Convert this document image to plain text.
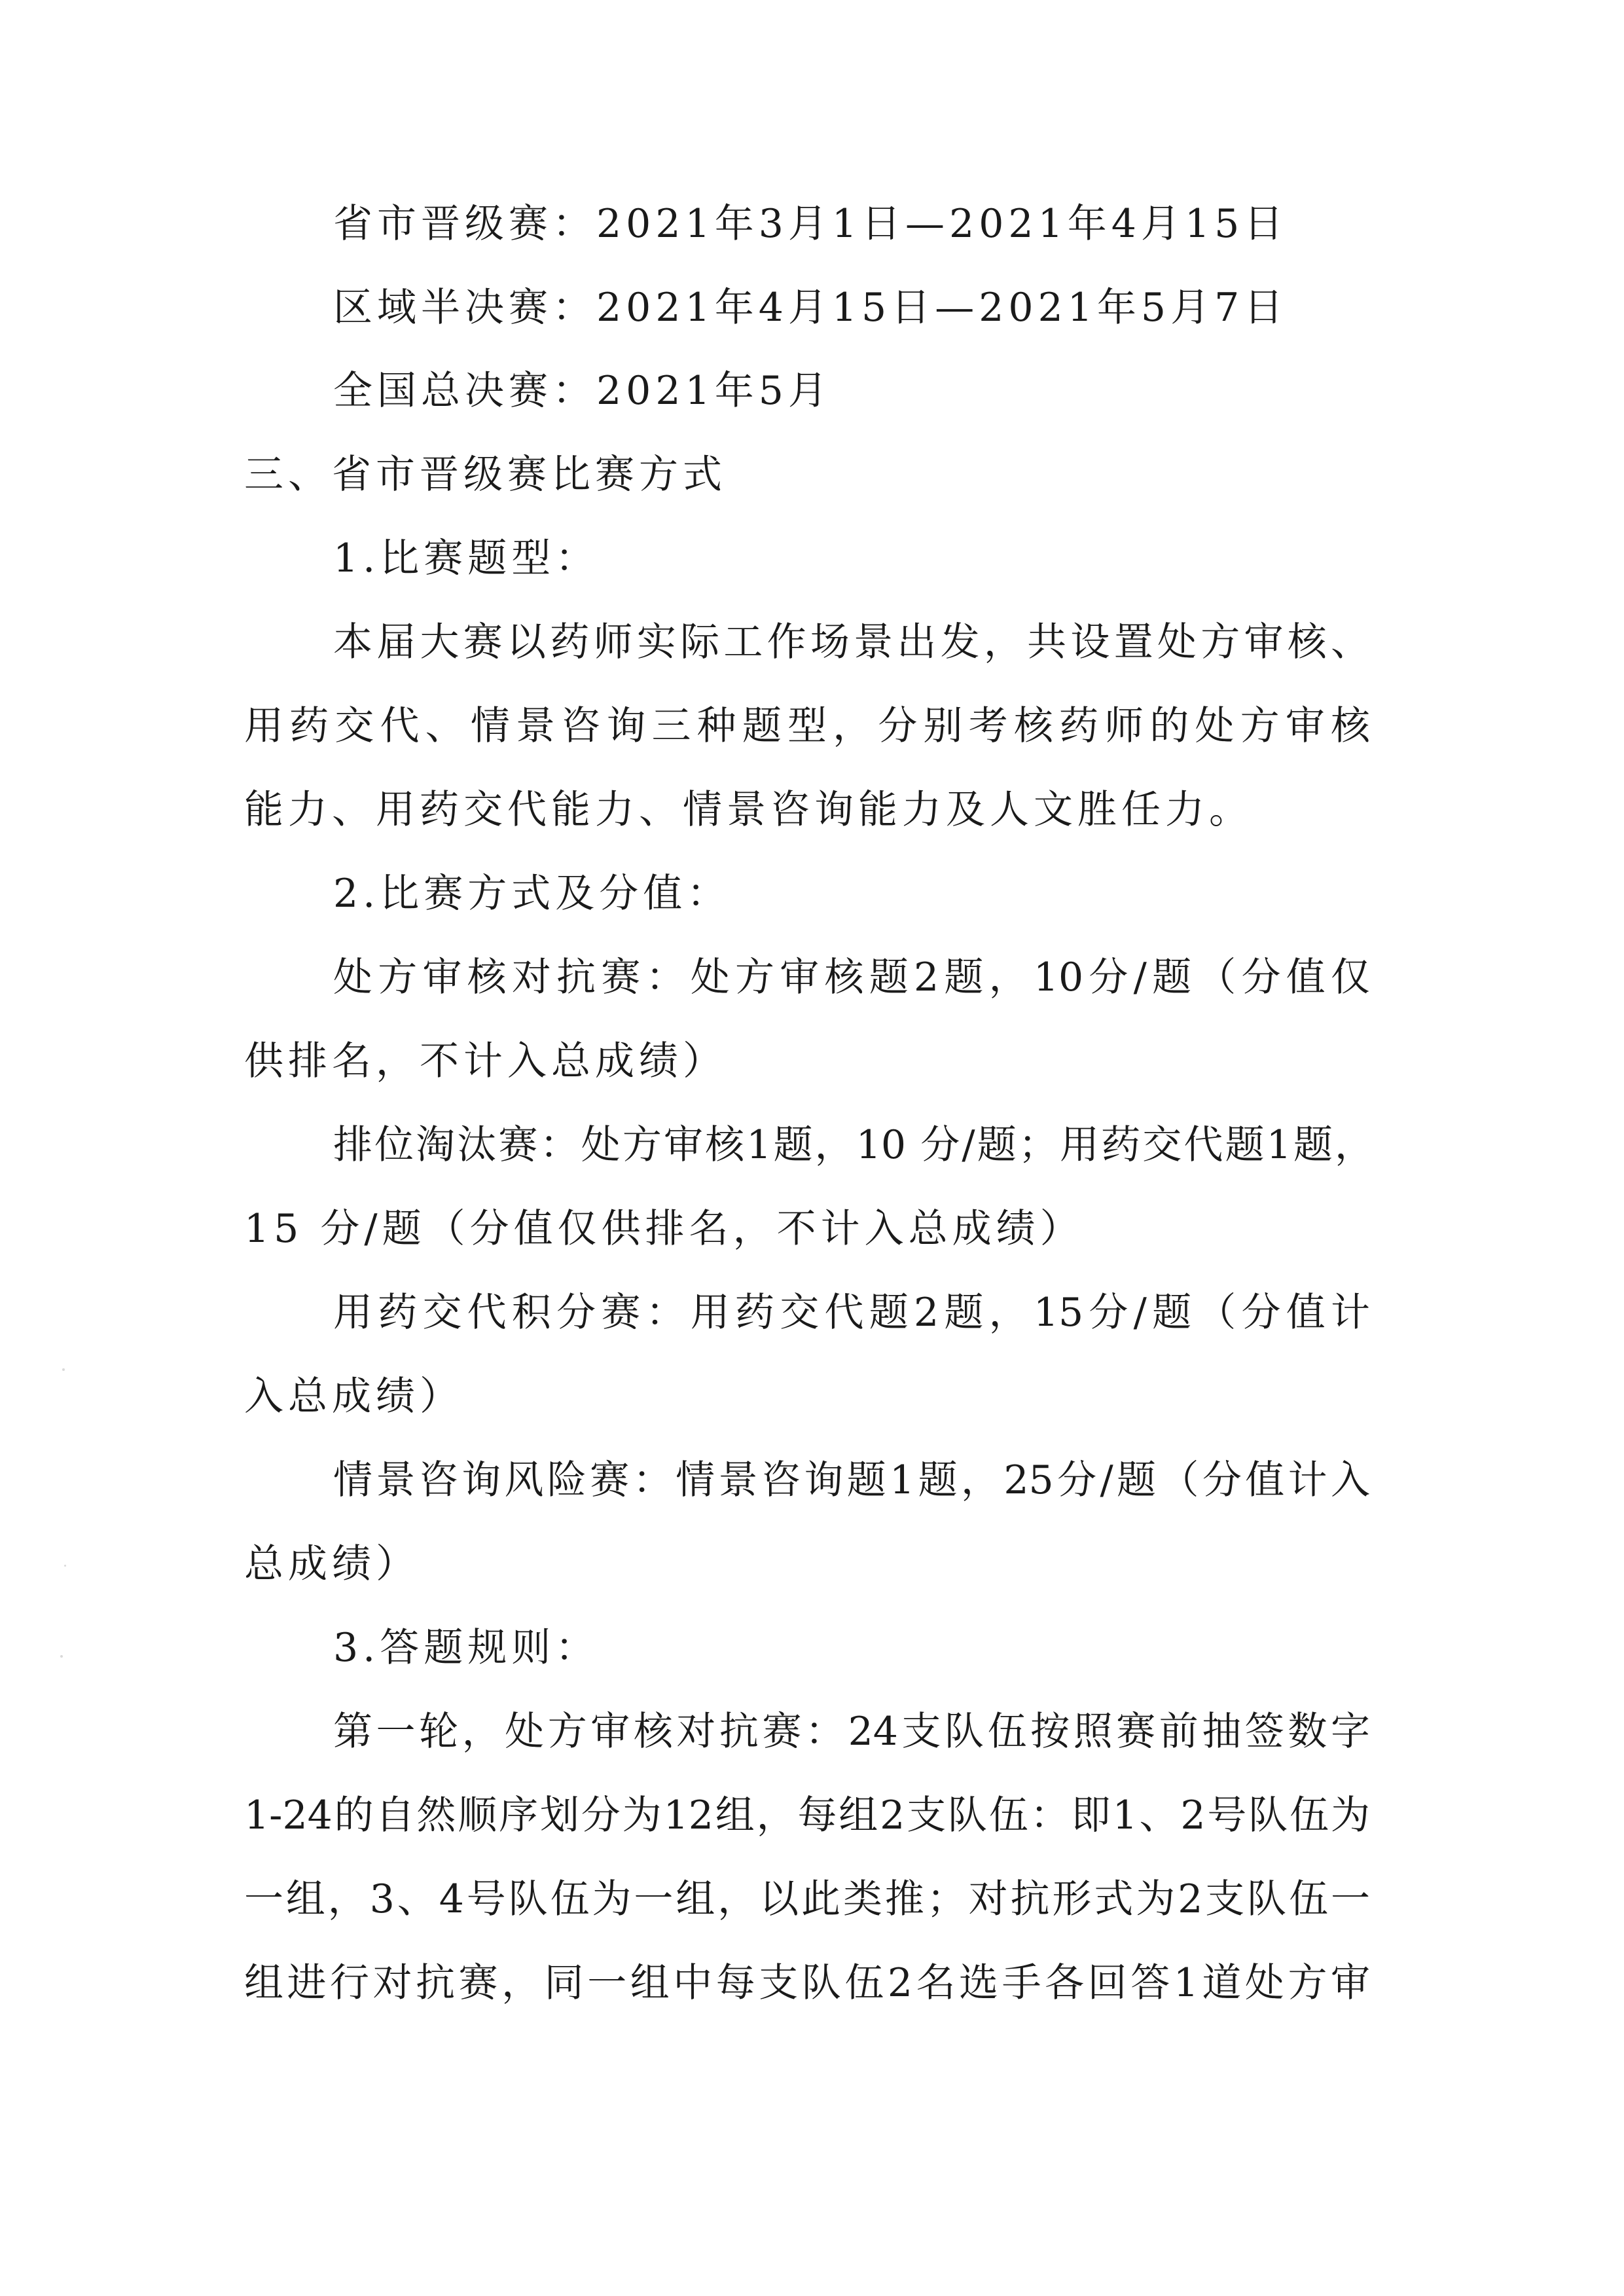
省市晋级赛：2021年3月1日—2021年4月15日

区域半决赛：2021年4月15日—2021年5月7日

全国总决赛：2021年5月

三、省市晋级赛比赛方式

1.比赛题型：

本届大赛以药师实际工作场景出发，共设置处方审核、

用药交代、情景咨询三种题型，分别考核药师的处方审核

能力、用药交代能力、情景咨询能力及人文胜任力。

2.比赛方式及分值：

处方审核对抗赛：处方审核题2题，10分/题（分值仅

供排名，不计入总成绩）

排位淘汰赛：处方审核1题，10 分/题；用药交代题1题，

15 分/题（分值仅供排名，不计入总成绩）

用药交代积分赛：用药交代题2题，15分/题（分值计

入总成绩）

情景咨询风险赛：情景咨询题1题，25分/题（分值计入

总成绩）

3.答题规则：

第一轮，处方审核对抗赛：24支队伍按照赛前抽签数字

1-24的自然顺序划分为12组，每组2支队伍：即1、2号队伍为

一组，3、4号队伍为一组，以此类推；对抗形式为2支队伍一

组进行对抗赛，同一组中每支队伍2名选手各回答1道处方审
